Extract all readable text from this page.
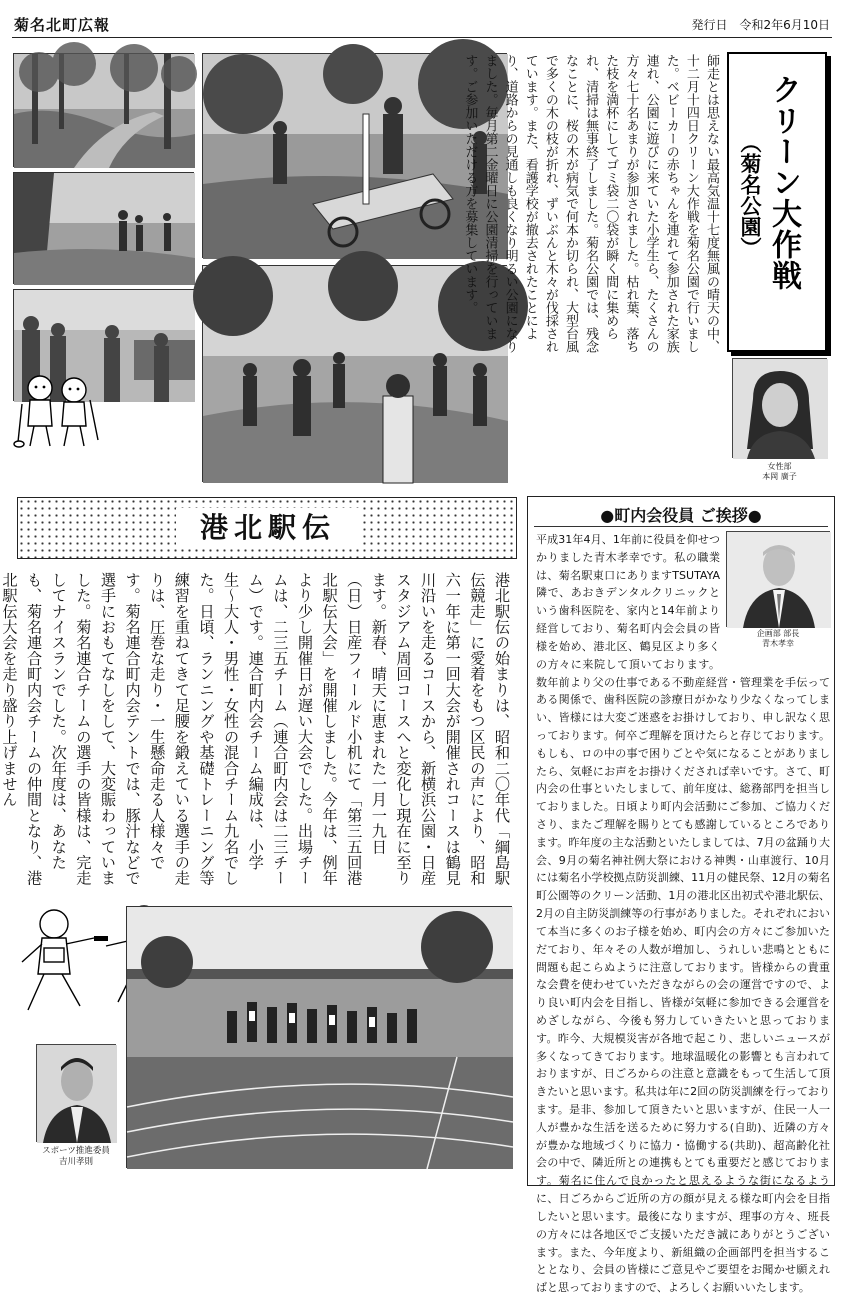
菊名北町広報	発行日　令和2年6月10日
クリーン大作戦
（菊名公園）
師走とは思えない最高気温十七度無風の晴天の中、十二月十四日クリーン大作戦を菊名公園で行いました。ベビーカーの赤ちゃんを連れて参加された家族連れ、公園に遊びに来ていた小学生ら、たくさんの方々七十名あまりが参加されました。枯れ葉、落ちた枝を満杯にしてゴミ袋二〇袋が瞬く間に集められ、清掃は無事終了しました。菊名公園では、残念なことに、桜の木が病気で何本か切られ、大型台風で多くの木の枝が折れ、ずいぶんと木々が伐採されています。また、看護学校が撤去されたことにより、道路からの見通しも良くなり明るい公園になりました。毎月第二金曜日に公園清掃を行っています。ご参加いただける方を募集しています。
女性部
本岡 廣子
港北駅伝
港北駅伝の始まりは、昭和二〇年代「綱島駅伝競走」に愛着をもつ区民の声により、昭和六一年に第一回大会が開催されコースは鶴見川沿いを走るコースから、新横浜公園・日産スタジアム周回コースへと変化し現在に至ります。新春、晴天に恵まれた一月一九日（日）日産フィールド小机にて「第三五回港北駅伝大会」を開催しました。今年は、例年より少し開催日が遅い大会でした。出場チームは、二三五チーム（連合町内会は二三チーム）です。連合町内会チーム編成は、小学生〜大人・男性・女性の混合チーム九名でした。日頃、ランニングや基礎トレーニング等練習を重ねてきて足腰を鍛えている選手の走りは、圧巻な走り・一生懸命走る人様々です。菊名連合町内会テントでは、豚汁などで選手におもてなしをして、大変賑わっていました。菊名連合チームの選手の皆様は、完走してナイスランでした。次年度は、あなたも、菊名連合町内会チームの仲間となり、港北駅伝大会を走り盛り上げません
スポーツ推進委員
吉川孝則
●町内会役員 ご挨拶●
企画部 部長
青木孝幸
平成31年4月、1年前に役員を仰せつかりました青木孝幸です。私の職業は、菊名駅東口にありますTSUTAYA隣で、あおきデンタルクリニックという歯科医院を、家内と14年前より経営しており、菊名町内会会員の皆様を始め、港北区、鶴見区より多くの方々に来院して頂いております。数年前より父の仕事である不動産経営・管理業を手伝ってある関係で、歯科医院の診療日がかなり少なくなってしまい、皆様には大変ご迷惑をお掛けしており、申し訳なく思っております。何卒ご理解を頂けたらと存じております。もしも、ロの中の事で困りごとや気になることがありましたら、気軽にお声をお掛けくだされば幸いです。さて、町内会の仕事といたしまして、前年度は、総務部門を担当しておりました。日頃より町内会活動にご参加、ご協力くださり、またご理解を賜りとても感謝しているところであります。昨年度の主な活動といたしましては、7月の盆踊り大会、9月の菊名神社例大祭における神輿・山車渡行、10月には菊名小学校拠点防災訓練、11月の健民祭、12月の菊名町公園等のクリーン活動、1月の港北区出初式や港北駅伝、2月の自主防災訓練等の行事がありました。それぞれにおいて本当に多くのお子様を始め、町内会の方々にご参加いただており、年々その人数が増加し、うれしい悲鳴とともに問題も起こらぬように注意しております。皆様からの貴重な会費を使わせていただきながらの会の運営ですので、より良い町内会を目指し、皆様が気軽に参加できる会運営をめざしながら、今後も努力していきたいと思っております。昨今、大規模災害が各地で起こり、悲しいニュースが多くなってきております。地球温暖化の影響とも言われておりますが、日ごろからの注意と意識をもって生活して頂きたいと思います。私共は年に2回の防災訓練を行っております。是非、参加して頂きたいと思いますが、住民一人一人が豊かな生活を送るために努力する(自助)、近隣の方々が豊かな地域づくりに協力・協働する(共助)、超高齢化社会の中で、隣近所との連携もとても重要だと感じております。菊名に住んで良かったと思えるような街になるように、日ごろからご近所の方の顔が見える様な町内会を目指したいと思います。最後になりますが、理事の方々、班長の方々には各地区でご支援いただき誠にありがとうございます。また、今年度より、新組織の企画部門を担当することとなり、会員の皆様にご意見やご要望をお聞かせ願えればと思っておりますので、よろしくお願いいたします。
